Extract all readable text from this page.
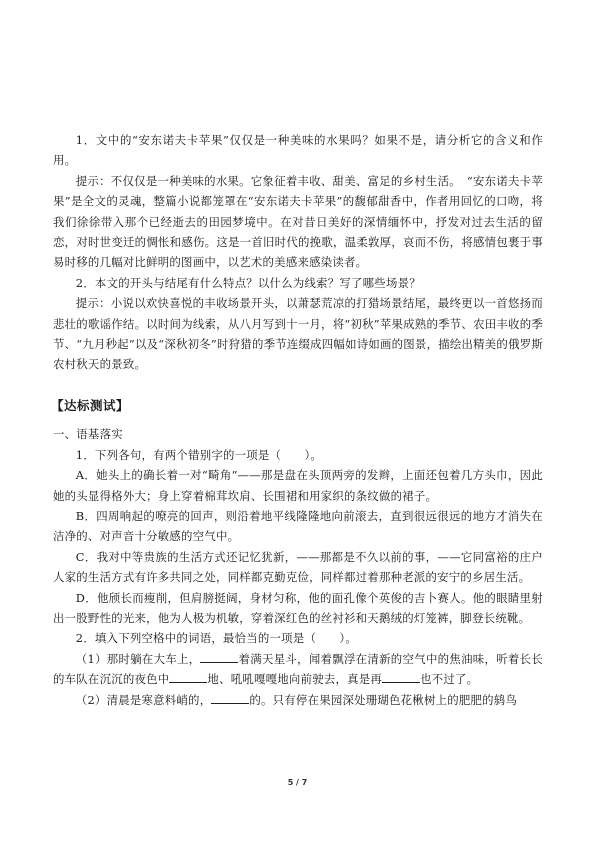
1．文中的“安东诺夫卡苹果”仅仅是一种美味的水果吗？如果不是，请分析它的含义和作用。

提示：不仅仅是一种美味的水果。它象征着丰收、甜美、富足的乡村生活。　“安东诺夫卡苹果”是全文的灵魂，整篇小说都笼罩在“安东诺夫卡苹果”的馥郁甜香中，作者用回忆的口吻，将我们徐徐带入那个已经逝去的田园梦境中。在对昔日美好的深情缅怀中，抒发对过去生活的留恋，对时世变迁的惆怅和感伤。这是一首旧时代的挽歌，温柔敦厚，哀而不伤，将感情包裹于事易时移的几幅对比鲜明的图画中，以艺术的美感来感染读者。

2．本文的开头与结尾有什么特点？以什么为线索？写了哪些场景？

提示：小说以欢快喜悦的丰收场景开头，以萧瑟荒凉的打猎场景结尾，最终更以一首悠扬而悲壮的歌谣作结。以时间为线索，从八月写到十一月，将“初秋”苹果成熟的季节、农田丰收的季节、“九月秒起”以及“深秋初冬”时狩猎的季节连缀成四幅如诗如画的图景，描绘出精美的俄罗斯农村秋天的景致。

【达标测试】

一、语基落实

1．下列各句，有两个错别字的一项是（　　）。

A．她头上的确长着一对“畸角”——那是盘在头顶两旁的发辫，上面还包着几方头巾，因此她的头显得格外大；身上穿着棉茸坎肩、长围裙和用家织的条纹做的裙子。

B．四周响起的嘹亮的回声，则沿着地平线隆隆地向前滚去，直到很远很远的地方才消失在洁净的、对声音十分敏感的空气中。

C．我对中等贵族的生活方式还记忆犹新，——那都是不久以前的事，——它同富裕的庄户人家的生活方式有许多共同之处，同样都克勤克俭，同样都过着那种老派的安宁的乡居生活。

D．他颀长而瘦削，但肩膀挺阔，身材匀称，他的面孔像个英俊的吉卜赛人。他的眼睛里射出一股野性的光来，他为人极为机敏，穿着深红色的丝衬衫和天鹅绒的灯笼裤，脚登长统靴。

2．填入下列空格中的词语，最恰当的一项是（　　）。

（1）那时躺在大车上，	着满天星斗，闻着飘浮在清新的空气中的焦油味，听着长长的车队在沉沉的夜色中	地、吼吼嘎嘎地向前驶去，真是再	也不过了。

（2）清晨是寒意料峭的，	的。只有停在果园深处珊瑚色花楸树上的肥肥的鸫鸟

5 / 7
